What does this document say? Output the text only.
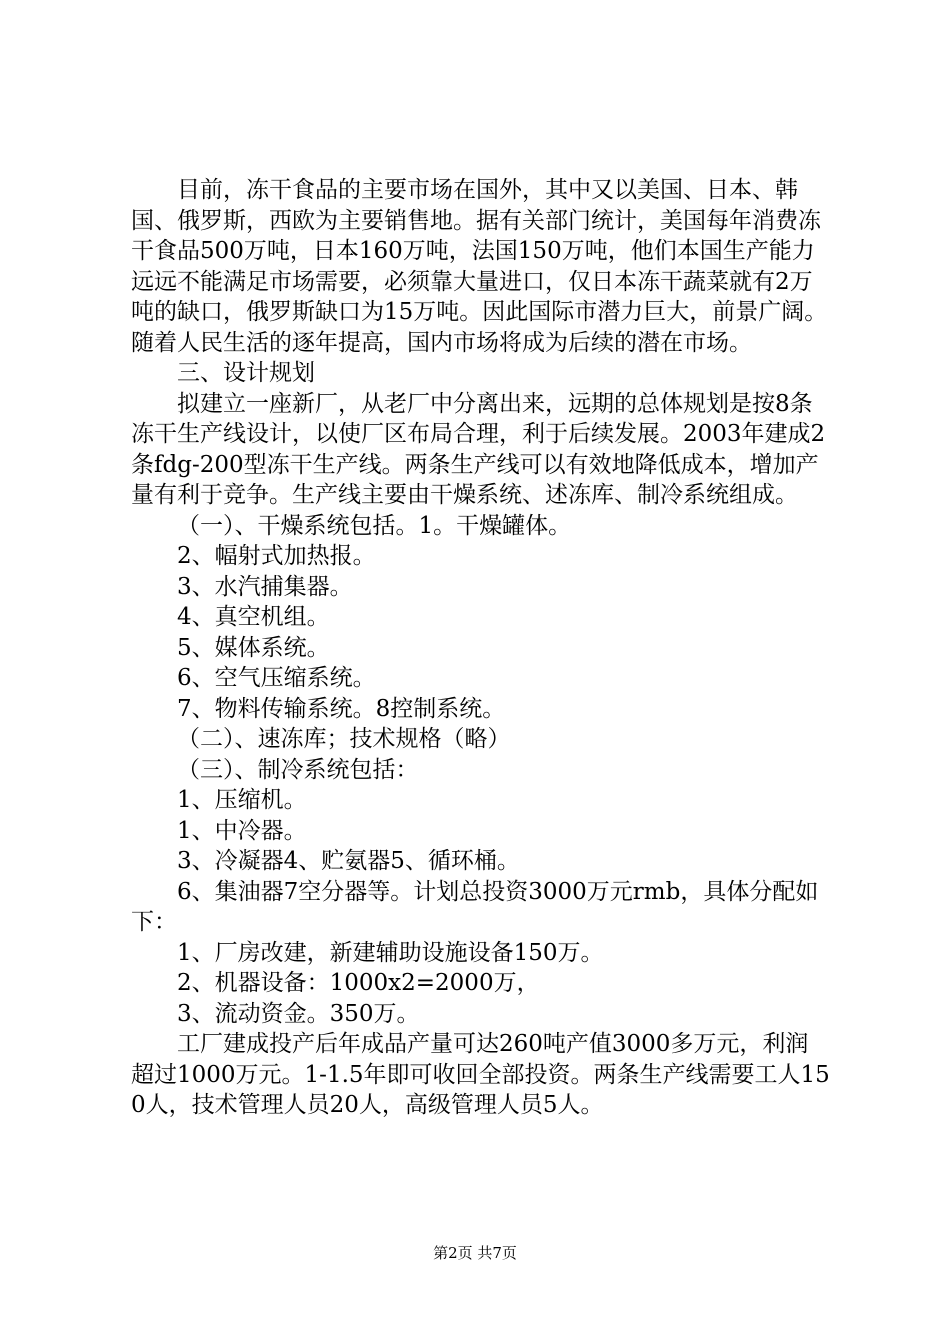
目前，冻干食品的主要市场在国外，其中又以美国、日本、韩国、俄罗斯，西欧为主要销售地。据有关部门统计，美国每年消费冻干食品500万吨，日本160万吨，法国150万吨，他们本国生产能力远远不能满足市场需要，必须靠大量进口，仅日本冻干蔬菜就有2万吨的缺口，俄罗斯缺口为15万吨。因此国际市潜力巨大，前景广阔。随着人民生活的逐年提高，国内市场将成为后续的潜在市场。

三、设计规划

拟建立一座新厂，从老厂中分离出来，远期的总体规划是按8条冻干生产线设计，以使厂区布局合理，利于后续发展。2003年建成2条fdg-200型冻干生产线。两条生产线可以有效地降低成本，增加产量有利于竞争。生产线主要由干燥系统、述冻库、制冷系统组成。

（一）、干燥系统包括。1。干燥罐体。

2、幅射式加热报。

3、水汽捕集器。

4、真空机组。

5、媒体系统。

6、空气压缩系统。

7、物料传输系统。8控制系统。

（二）、速冻库；技术规格（略）

（三）、制冷系统包括：

1、压缩机。

1、中冷器。

3、冷凝器4、贮氨器5、循环桶。

6、集油器7空分器等。计划总投资3000万元rmb，具体分配如下：

1、厂房改建，新建辅助设施设备150万。

2、机器设备：1000x2=2000万，

3、流动资金。350万。

工厂建成投产后年成品产量可达260吨产值3000多万元，利润超过1000万元。1-1.5年即可收回全部投资。两条生产线需要工人150人，技术管理人员20人，高级管理人员5人。

第2页 共7页
